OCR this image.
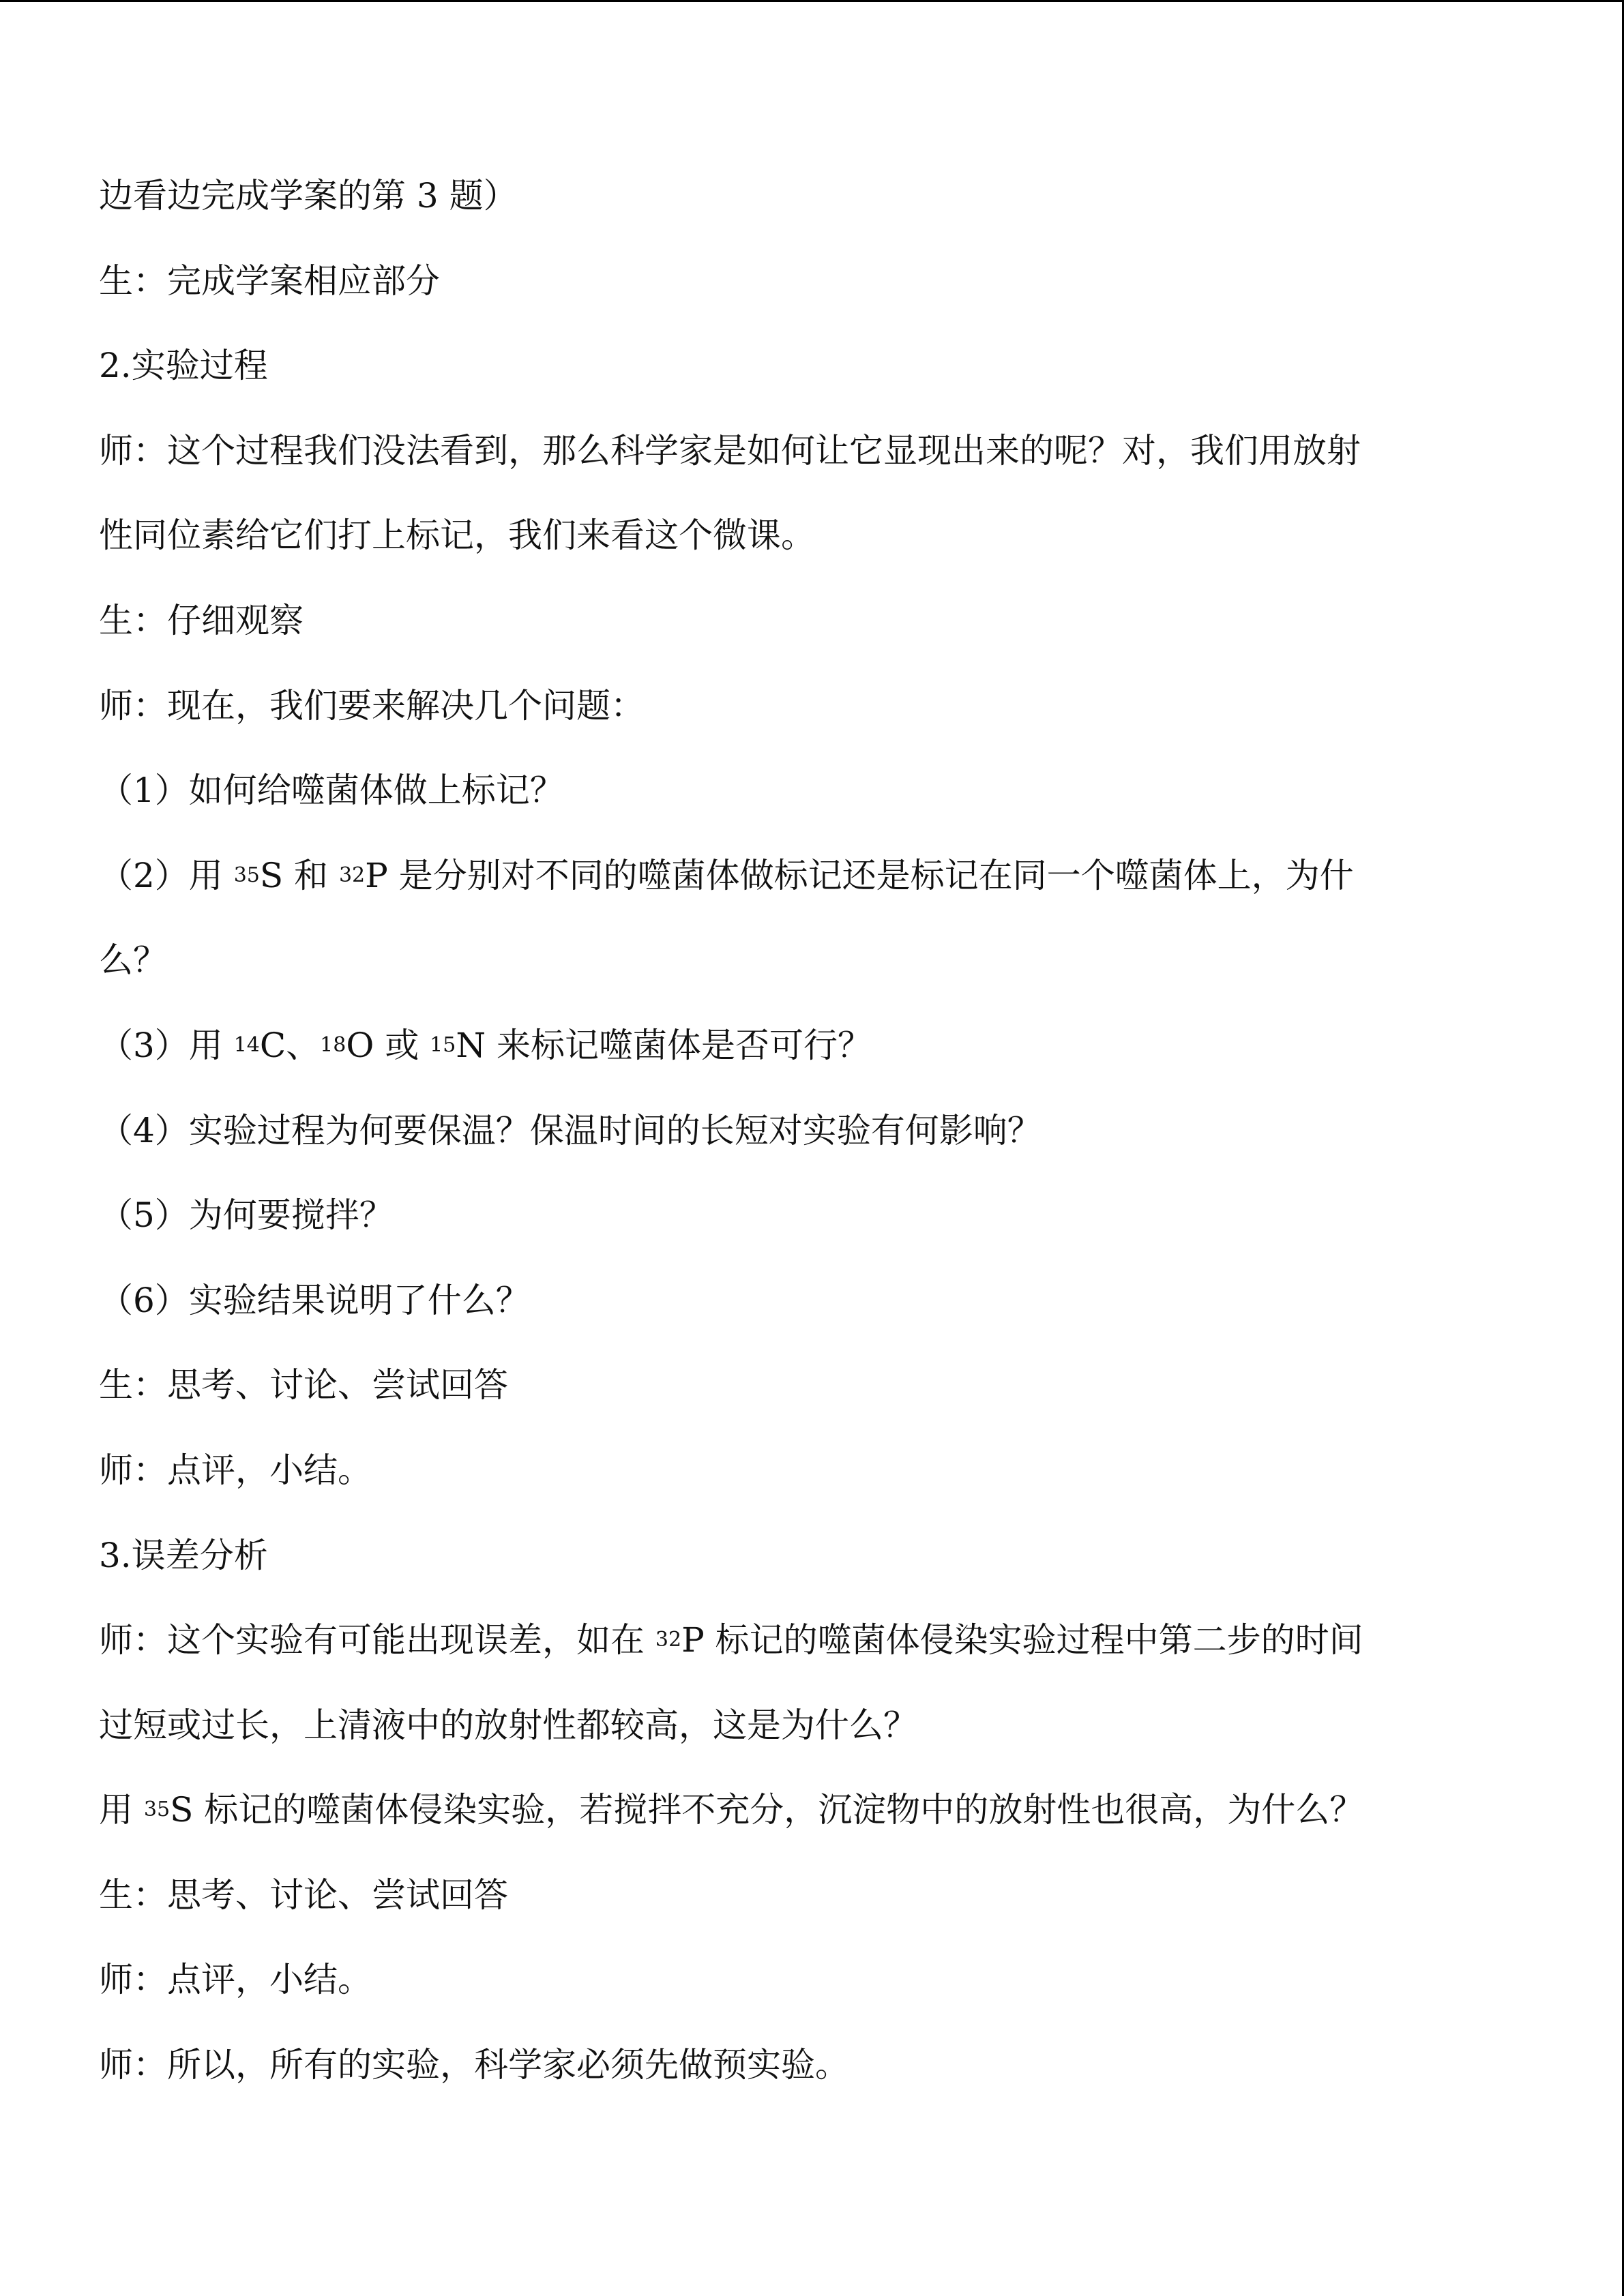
边看边完成学案的第 3 题）

生：完成学案相应部分

2.实验过程

师：这个过程我们没法看到，那么科学家是如何让它显现出来的呢？对，我们用放射

性同位素给它们打上标记，我们来看这个微课。

生：仔细观察

师：现在，我们要来解决几个问题：

（1）如何给噬菌体做上标记？

（2）用 $^{35}$S 和 $^{32}$P 是分别对不同的噬菌体做标记还是标记在同一个噬菌体上，为什

么？

（3）用 $^{14}$C、$^{18}$O 或 $^{15}$N 来标记噬菌体是否可行？

（4）实验过程为何要保温？保温时间的长短对实验有何影响？

（5）为何要搅拌？

（6）实验结果说明了什么？

生：思考、讨论、尝试回答

师：点评，小结。

3.误差分析

师：这个实验有可能出现误差，如在 $^{32}$P 标记的噬菌体侵染实验过程中第二步的时间

过短或过长，上清液中的放射性都较高，这是为什么？

用 $^{35}$S 标记的噬菌体侵染实验，若搅拌不充分，沉淀物中的放射性也很高，为什么？

生：思考、讨论、尝试回答

师：点评，小结。

师：所以，所有的实验，科学家必须先做预实验。
